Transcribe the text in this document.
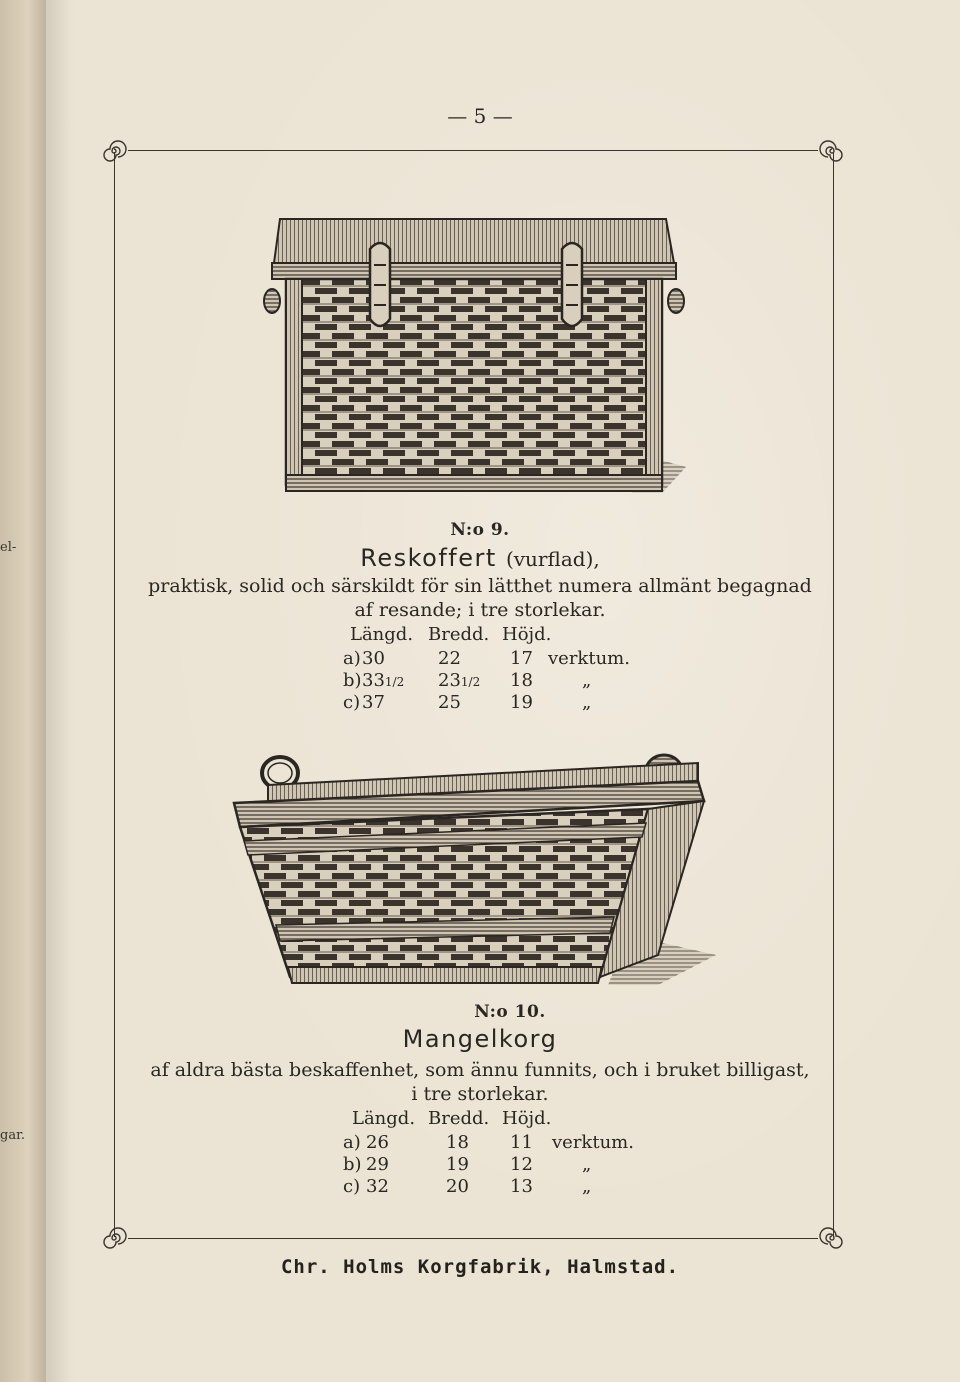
el-
gar.
— 5 —
N:o 9.
Reskoffert (vurflad),
praktisk, solid och särskildt för sin lätthet numera allmänt begagnad
af resande; i tre storlekar.
Längd. Bredd. Höjd.
a) 30	22	17 verktum.
b) 331/2 231/2 18	„
c) 37	25	19	„
N:o 10.
Mangelkorg
af aldra bästa beskaffenhet, som ännu funnits, och i bruket billigast,
i tre storlekar.
Längd. Bredd. Höjd.
a) 26	18 11 verktum.
b) 29	19 12	„
c) 32	20 13	„
Chr. Holms Korgfabrik, Halmstad.
